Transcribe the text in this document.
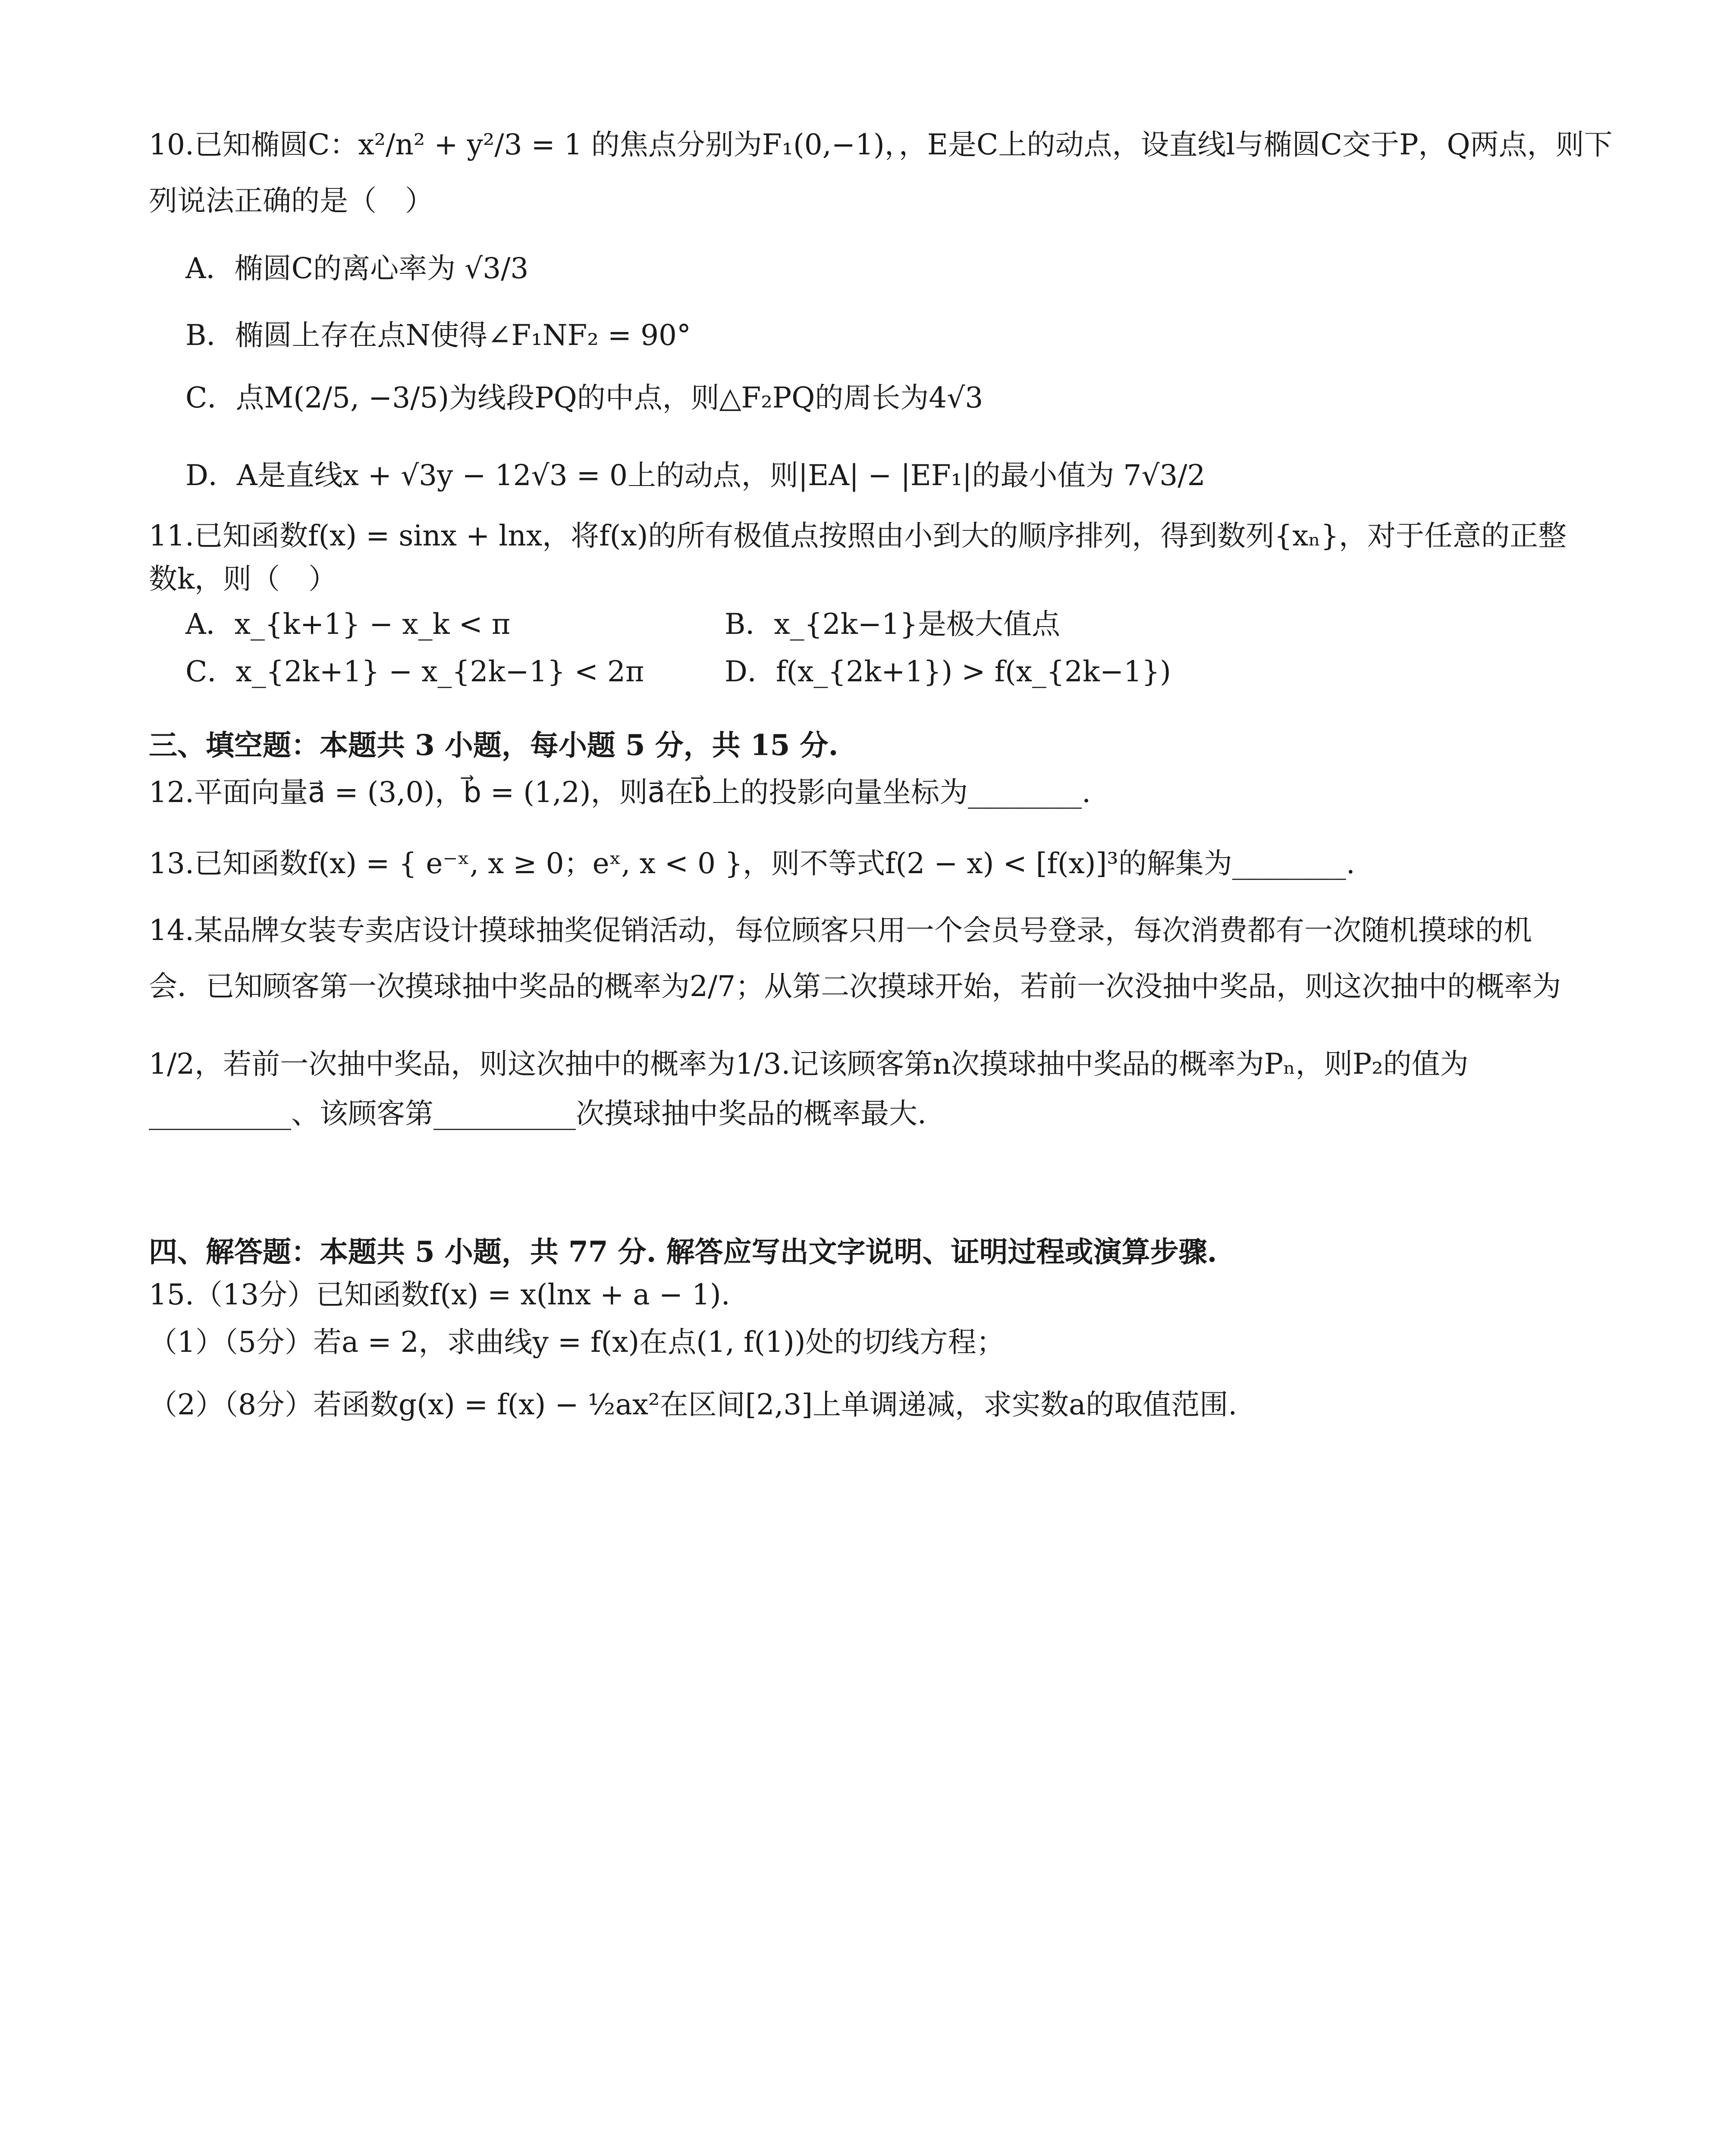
10.已知椭圆C：x²/n² + y²/3 = 1 的焦点分别为F₁(0,−1)，，E是C上的动点，设直线l与椭圆C交于P，Q两点，则下
列说法正确的是（　）
A．椭圆C的离心率为 √3/3
B．椭圆上存在点N使得∠F₁NF₂ = 90°
C．点M(2/5, −3/5)为线段PQ的中点，则△F₂PQ的周长为4√3
D．A是直线x + √3y − 12√3 = 0上的动点，则|EA| − |EF₁|的最小值为 7√3/2
11.已知函数f(x) = sinx + lnx，将f(x)的所有极值点按照由小到大的顺序排列，得到数列{xₙ}，对于任意的正整
数k，则（　）
A．x_{k+1} − x_k < π	B．x_{2k−1}是极大值点
C．x_{2k+1} − x_{2k−1} < 2π	D．f(x_{2k+1}) > f(x_{2k−1})
三、填空题：本题共 3 小题，每小题 5 分，共 15 分.
12.平面向量a⃗ = (3,0)，b⃗ = (1,2)，则a⃗在b⃗上的投影向量坐标为________.
13.已知函数f(x) = { e⁻ˣ, x ≥ 0；eˣ, x < 0 }，则不等式f(2 − x) < [f(x)]³的解集为________.
14.某品牌女装专卖店设计摸球抽奖促销活动，每位顾客只用一个会员号登录，每次消费都有一次随机摸球的机
会．已知顾客第一次摸球抽中奖品的概率为2/7；从第二次摸球开始，若前一次没抽中奖品，则这次抽中的概率为
1/2，若前一次抽中奖品，则这次抽中的概率为1/3.记该顾客第n次摸球抽中奖品的概率为Pₙ，则P₂的值为
__________、该顾客第__________次摸球抽中奖品的概率最大.
四、解答题：本题共 5 小题，共 77 分. 解答应写出文字说明、证明过程或演算步骤.
15.（13分）已知函数f(x) = x(lnx + a − 1).
（1）（5分）若a = 2，求曲线y = f(x)在点(1, f(1))处的切线方程；
（2）（8分）若函数g(x) = f(x) − ½ax²在区间[2,3]上单调递减，求实数a的取值范围.
